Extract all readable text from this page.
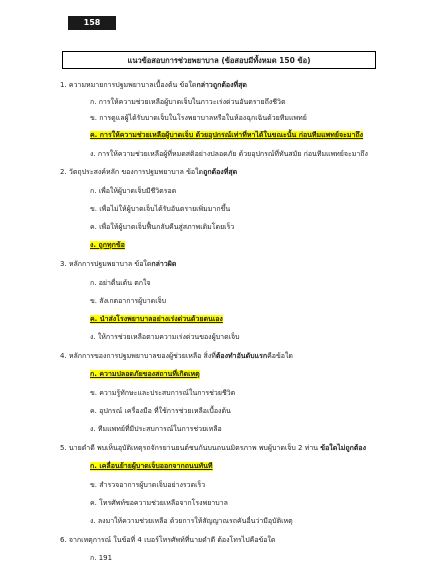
158
แนวข้อสอบการช่วยพยาบาล (ข้อสอบมีทั้งหมด 150 ข้อ)
1. ความหมายการปฐมพยาบาลเบื้องต้น ข้อใดกล่าวถูกต้องที่สุด
ก. การให้ความช่วยเหลือผู้บาดเจ็บในภาวะเร่งด่วนอันตรายถึงชีวิต
ข. การดูแลผู้ได้รับบาดเจ็บในโรงพยาบาลหรือในห้องฉุกเฉินด้วยทีมแพทย์
ค. การให้ความช่วยเหลือผู้บาดเจ็บ ด้วยอุปกรณ์เท่าที่หาได้ในขณะนั้น ก่อนทีมแพทย์จะมาถึง
ง. การให้ความช่วยเหลือผู้ที่หมดสติอย่างปลอดภัย ด้วยอุปกรณ์ที่ทันสมัย ก่อนทีมแพทย์จะมาถึง
2. วัตถุประสงค์หลัก ของการปฐมพยาบาล ข้อใดถูกต้องที่สุด
ก. เพื่อให้ผู้บาดเจ็บมีชีวิตรอด
ข. เพื่อไม่ให้ผู้บาดเจ็บได้รับอันตรายเพิ่มมากขึ้น
ค. เพื่อให้ผู้บาดเจ็บฟื้นกลับคืนสู่สภาพเดิมโดยเร็ว
ง. ถูกทุกข้อ
3. หลักการปฐมพยาบาล ข้อใดกล่าวผิด
ก. อย่าตื่นเต้น ตกใจ
ข. สังเกตอาการผู้บาดเจ็บ
ค. นำส่งโรงพยาบาลอย่างเร่งด่วนด้วยตนเอง
ง. ให้การช่วยเหลือตามความเร่งด่วนของผู้บาดเจ็บ
4. หลักการของการปฐมพยาบาลของผู้ช่วยเหลือ สิ่งที่ต้องทำอันดับแรกคือข้อใด
ก. ความปลอดภัยของสถานที่เกิดเหตุ
ข. ความรู้ทักษะและประสบการณ์ในการช่วยชีวิต
ค. อุปกรณ์ เครื่องมือ ที่ใช้การช่วยเหลือเบื้องต้น
ง. ทีมแพทย์ที่มีประสบการณ์ในการช่วยเหลือ
5. นายดำดี พบเห็นอุบัติเหตุรถจักรยานยนต์ชนกันบนถนนมิตรภาพ พบผู้บาดเจ็บ 2 ท่าน ข้อใดไม่ถูกต้อง
ก. เคลื่อนย้ายผู้บาดเจ็บออกจากถนนทันที
ข. สำรวจอาการผู้บาดเจ็บอย่างรวดเร็ว
ค. โทรศัพท์ขอความช่วยเหลือจากโรงพยาบาล
ง. ลงมาให้ความช่วยเหลือ ด้วยการให้สัญญาณรถคันอื่นว่ามีอุบัติเหตุ
6. จากเหตุการณ์ ในข้อที่ 4 เบอร์โทรศัพท์ที่นายดำดี ต้องโทรไปคือข้อใด
ก. 191
